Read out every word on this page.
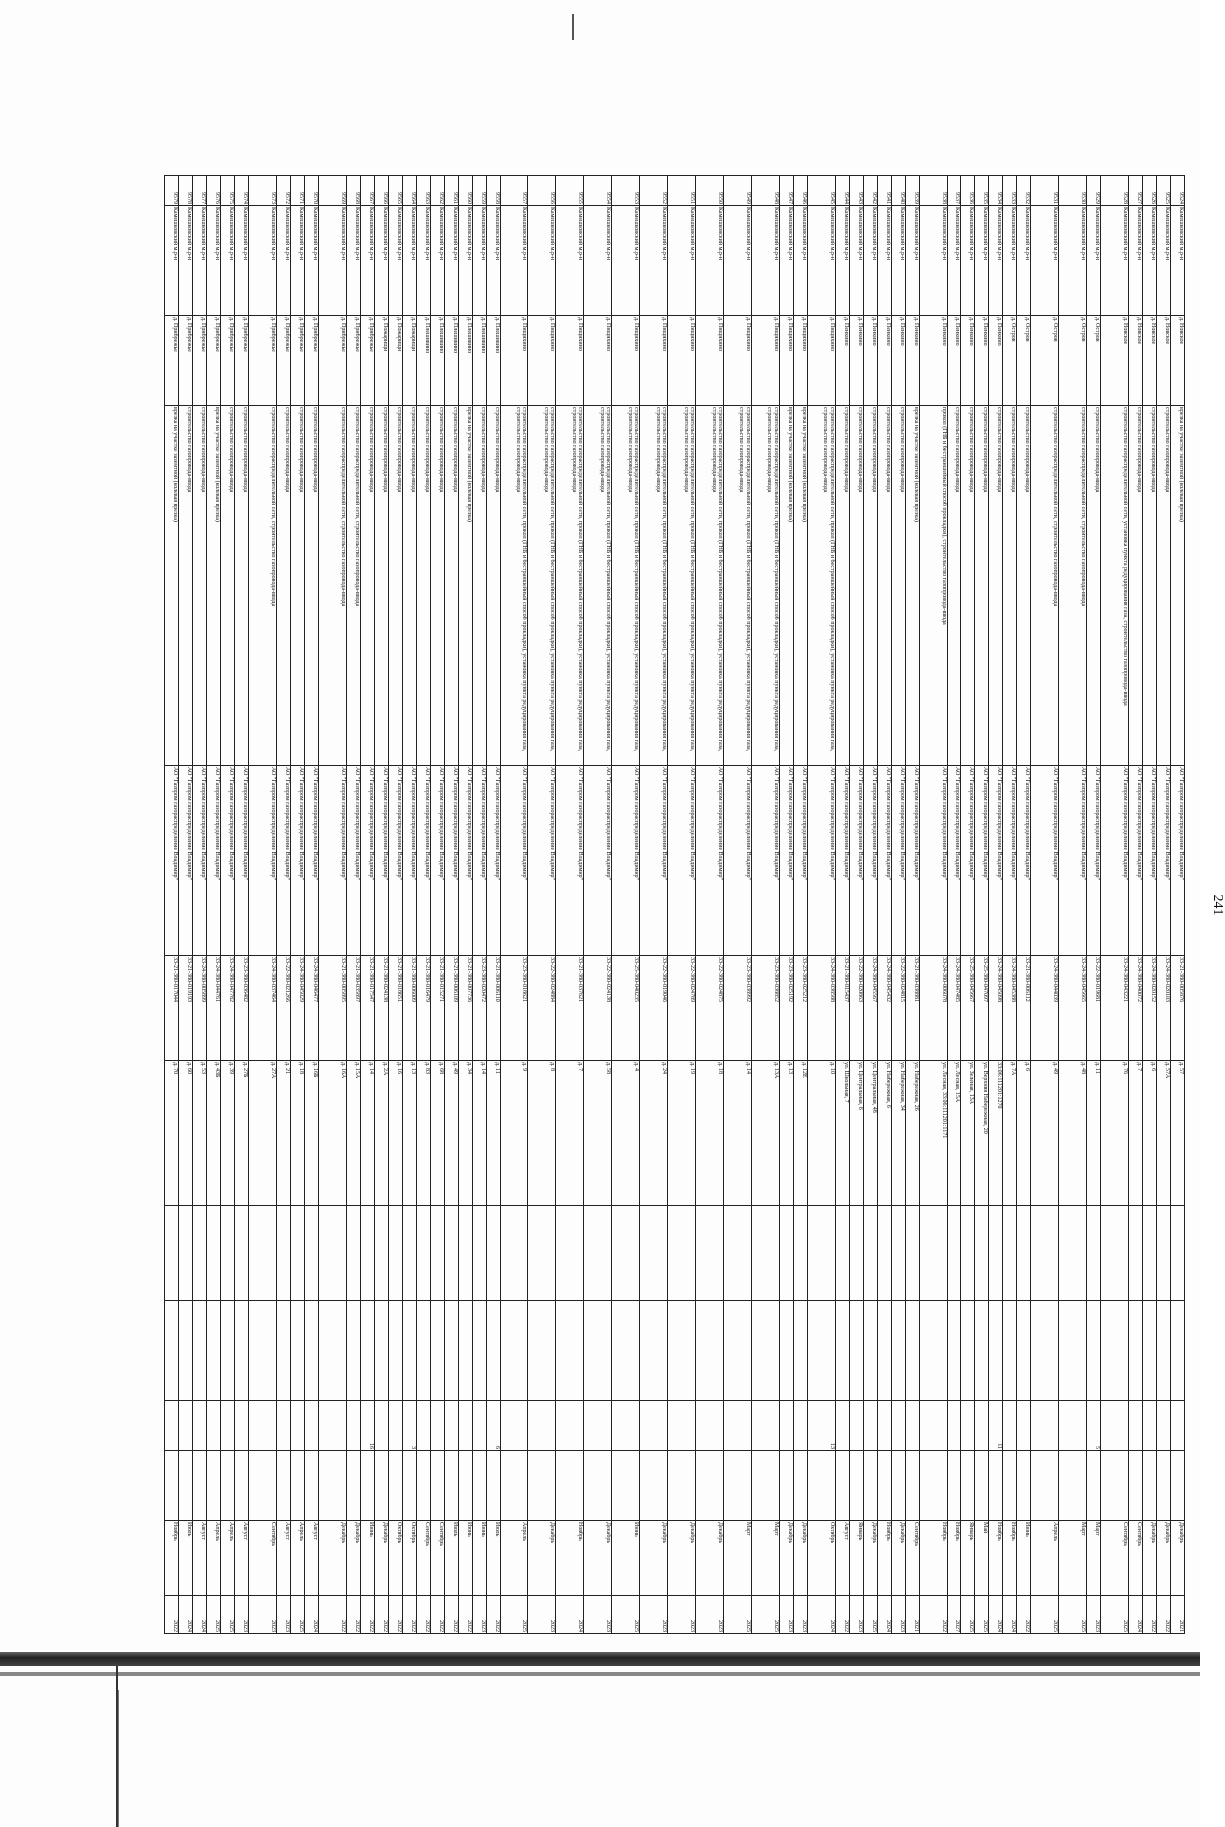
241
9524	Камешковский м.р-н	д. Новское	врезка на участке заземтной (колевая врезка)	АО "Газпром газораспределение Владимир"	33-21-380-005876	д. 57					Декабрь	2021
9525	Камешковский м.р-н	д. Новское	строительство газопровода-ввода	АО "Газпром газораспределение Владимир"	33-24-380-020103	д. 57А					Декабрь	2022
9526	Камешковский м.р-н	д. Новское	строительство газопровода-ввода	АО "Газпром газораспределение Владимир"	33-24-380-020152	д. 6					Декабрь	2022
9527	Камешковский м.р-н	д. Новское	строительство газопровода-ввода	АО "Газпром газораспределение Владимир"	33-24-380-040072	д. 7					Сентябрь	2024
9528	Камешковский м.р-н	д. Новское	строительство газораспределительной сети, установка пункта редуцирования газа, строительство газопровода-ввода	АО "Газпром газораспределение Владимир"	33-24-380-043221	д. 76					Сентябрь	2025
9529	Камешковский м.р-н	д. Остров	строительство газопровода-ввода	АО "Газпром газораспределение Владимир"	33-22-380-019681	д. 11			5		Март	2023
9530	Камешковский м.р-н	д. Остров	строительство газораспределительной сети, строительство газопровода-ввода	АО "Газпром газораспределение Владимир"	33-24-380-045665	д. 48					Март	2025
9531	Камешковский м.р-н	д. Остров	строительство газораспределительной сети, строительство газопровода-ввода	АО "Газпром газораспределение Владимир"	33-24-380-044039	д. 49					Апрель	2025
9532	Камешковский м.р-н	д. Остров	строительство газопровода-ввода	АО "Газпром газораспределение Владимир"	33-21-380-006112	д. 6					Июнь	2022
9533	Камешковский м.р-н	д. Остров	строительство газопровода-ввода	АО "Газпром газораспределение Владимир"	33-24-380-045388	д. 7А					Ноябрь	2024
9534	Камешковский м.р-н	д. Пенкино	строительство газопровода-ввода	АО "Газпром газораспределение Владимир"	33-24-380-045098	33:06:111201:1270			11		Ноябрь	2024
9535	Камешковский м.р-н	д. Пенкино	строительство газопровода-ввода	АО "Газпром газораспределение Владимир"	33-25-380-047097	ул. Верхняя Набережная, 20					Май	2025
9536	Камешковский м.р-н	д. Пенкино	строительство газопровода-ввода	АО "Газпром газораспределение Владимир"	33-25-380-045667	ул. Зеленая, 13А					Январь	2025
9537	Камешковский м.р-н	д. Пенкино	строительство газопровода-ввода	АО "Газпром газораспределение Владимир"	33-24-380-047485	ул. Лесная, 15А					Ноябрь	2027
9538	Камешковский м.р-н	д. Пенкино	прокол (ГНБ и бестраншейный способ прокладки), строительство газопровода-ввода	АО "Газпром газораспределение Владимир"	33-24-380-006078	ул. Лесная, 33:06:111201:1171					Ноябрь	2022
9539	Камешковский м.р-н	д. Пенкино	врезка на участке заземтной (колевая врезка)	АО "Газпром газораспределение Владимир"	33-21-380-038881	ул. Набережная, 26					Сентябрь	2021
9540	Камешковский м.р-н	д. Пенкино	строительство газопровода-ввода	АО "Газпром газораспределение Владимир"	33-22-380-024815	ул. Набережная, 34					Декабрь	2023
9541	Камешковский м.р-н	д. Пенкино	строительство газопровода-ввода	АО "Газпром газораспределение Владимир"	33-24-380-045432	ул. Набережная, 6					Ноябрь	2024
9542	Камешковский м.р-н	д. Пенкино	строительство газопровода-ввода	АО "Газпром газораспределение Владимир"	33-24-380-045567	ул. Центральная, 48					Декабрь	2025
9543	Камешковский м.р-н	д. Пенкино	строительство газопровода-ввода	АО "Газпром газораспределение Владимир"	33-22-380-020863	ул. Центральная, 6					Январь	2023
9544	Камешковский м.р-н	д. Пенкино	строительство газопровода-ввода	АО "Газпром газораспределение Владимир"	33-21-380-015437	ул. Школьная, 7					Август	2022
9545	Камешковский м.р-н	д. Пищихино	строительство газораспределительной сети, прокол (ГНБ и бестраншейный способ прокладки), установка пункта редуцирования газа, строительство газопровода-ввода	АО "Газпром газораспределение Владимир"	33-24-380-038588	д. 10			13		Октябрь	2024
9546	Камешковский м.р-н	д. Пищихино	врезка на участке заземтной (колевая врезка)	АО "Газпром газораспределение Владимир"	33-23-380-025212	д. 12Е					Декабрь	2023
9547	Камешковский м.р-н	д. Пищихино	врезка на участке заземтной (колевая врезка)	АО "Газпром газораспределение Владимир"	33-23-380-025192	д. 13					Декабрь	2023
9548	Камешковский м.р-н	д. Пищихино	строительство газораспределительной сети, прокол (ГНБ и бестраншейный способ прокладки), установка пункта редуцирования газа, строительство газопровода-ввода	АО "Газпром газораспределение Владимир"	33-23-380-038852	д. 13А					Март	2025
9549	Камешковский м.р-н	д. Пищихино	строительство газораспределительной сети, прокол (ГНБ и бестраншейный способ прокладки), установка пункта редуцирования газа, строительство газопровода-ввода	АО "Газпром газораспределение Владимир"	33-23-380-038992	д. 14					Март	2025
9550	Камешковский м.р-н	д. Пищихино	строительство газораспределительной сети, прокол (ГНБ и бестраншейный способ прокладки), установка пункта редуцирования газа, строительство газопровода-ввода	АО "Газпром газораспределение Владимир"	33-22-380-024875	д. 18					Декабрь	2023
9551	Камешковский м.р-н	д. Пищихино	строительство газораспределительной сети, прокол (ГНБ и бестраншейный способ прокладки), установка пункта редуцирования газа, строительство газопровода-ввода	АО "Газпром газораспределение Владимир"	33-22-380-024789	д. 19					Декабрь	2023
9552	Камешковский м.р-н	д. Пищихино	строительство газораспределительной сети, прокол (ГНБ и бестраншейный способ прокладки), установка пункта редуцирования газа, строительство газопровода-ввода	АО "Газпром газораспределение Владимир"	33-22-380-019046	д. 24					Декабрь	2023
9553	Камешковский м.р-н	д. Пищихино	строительство газораспределительной сети, прокол (ГНБ и бестраншейный способ прокладки), установка пункта редуцирования газа, строительство газопровода-ввода	АО "Газпром газораспределение Владимир"	33-25-380-040235	д. 4					Июнь	2025
9554	Камешковский м.р-н	д. Пищихино	строительство газораспределительной сети, прокол (ГНБ и бестраншейный способ прокладки), установка пункта редуцирования газа, строительство газопровода-ввода	АО "Газпром газораспределение Владимир"	33-22-380-024138	д. 58					Декабрь	2023
9555	Камешковский м.р-н	д. Пищихино	строительство газораспределительной сети, прокол (ГНБ и бестраншейный способ прокладки), установка пункта редуцирования газа, строительство газопровода-ввода	АО "Газпром газораспределение Владимир"	33-21-380-037621	д. 7					Ноябрь	2024
9556	Камешковский м.р-н	д. Пищихино	строительство газораспределительной сети, прокол (ГНБ и бестраншейный способ прокладки), установка пункта редуцирования газа, строительство газопровода-ввода	АО "Газпром газораспределение Владимир"	33-22-380-024884	д. 8					Декабрь	2023
9557	Камешковский м.р-н	д. Пищихино	строительство газораспределительной сети, прокол (ГНБ и бестраншейный способ прокладки), установка пункта редуцирования газа, строительство газопровода-ввода	АО "Газпром газораспределение Владимир"	33-23-380-018621	д. 9					Апрель	2025
9558	Камешковский м.р-н	д. Плешивино	строительство газопровода-ввода	АО "Газпром газораспределение Владимир"	33-21-380-006110	д. 11			6		Июль	2022
9559	Камешковский м.р-н	д. Плешивино	строительство газопровода-ввода	АО "Газпром газораспределение Владимир"	33-23-380-020472	д. 14					Июнь	2023
9560	Камешковский м.р-н	д. Плешивино	врезка на участке заземтной (колевая врезка)	АО "Газпром газораспределение Владимир"	33-21-380-007736	д. 34					Июнь	2022
9561	Камешковский м.р-н	д. Плешивино	строительство газопровода-ввода	АО "Газпром газораспределение Владимир"	33-21-380-006109	д. 49					Июль	2022
9562	Камешковский м.р-н	д. Плешивино	строительство газопровода-ввода	АО "Газпром газораспределение Владимир"	33-21-380-015271	д. 68					Сентябрь	2022
9563	Камешковский м.р-н	д. Плешивино	строительство газопровода-ввода	АО "Газпром газораспределение Владимир"	33-21-380-016479	д. 83					Сентябрь	2022
9564	Камешковский м.р-н	д. Пожарищи	строительство газопровода-ввода	АО "Газпром газораспределение Владимир"	33-21-380-006009	д. 13			3		Октябрь	2022
9565	Камешковский м.р-н	д. Пожарищи	строительство газопровода-ввода	АО "Газпром газораспределение Владимир"	33-21-380-018651	д. 16					Октябрь	2022
9566	Камешковский м.р-н	д. Пожарищи	строительство газопровода-ввода	АО "Газпром газораспределение Владимир"	33-21-380-024138	д. 2А					Декабрь	2022
9567	Камешковский м.р-н	д. Прибрежье	строительство газопровода-ввода	АО "Газпром газораспределение Владимир"	33-21-380-017547	д. 14			16		Июнь	2022
9568	Камешковский м.р-н	д. Прибрежье	строительство газораспределительной сети, строительство газопровода-ввода	АО "Газпром газораспределение Владимир"	33-21-380-035897	д. 15А					Декабрь	2022
9569	Камешковский м.р-н	д. Прибрежье	строительство газораспределительной сети, строительство газопровода-ввода	АО "Газпром газораспределение Владимир"	33-21-380-005895	д. 16А					Декабрь	2022
9570	Камешковский м.р-н	д. Прибрежье	строительство газопровода-ввода	АО "Газпром газораспределение Владимир"	33-24-380-046477	д. 16Б					Август	2024
9571	Камешковский м.р-н	д. Прибрежье	строительство газопровода-ввода	АО "Газпром газораспределение Владимир"	33-24-380-045029	д. 18					Апрель	2025
9572	Камешковский м.р-н	д. Прибрежье	строительство газопровода-ввода	АО "Газпром газораспределение Владимир"	33-22-380-021266	д. 21					Август	2023
9573	Камешковский м.р-н	д. Прибрежье	строительство газораспределительной сети, строительство газопровода-ввода	АО "Газпром газораспределение Владимир"	33-24-380-037464	д. 27А					Сентябрь	2023
9574	Камешковский м.р-н	д. Прибрежье	строительство газопровода-ввода	АО "Газпром газораспределение Владимир"	33-23-380-036482	д. 27Б					Август	2023
9575	Камешковский м.р-н	д. Прибрежье	строительство газопровода-ввода	АО "Газпром газораспределение Владимир"	33-24-380-047782	д. 39					Апрель	2025
9576	Камешковский м.р-н	д. Прибрежье	врезка на участке заземтной (колевая врезка)	АО "Газпром газораспределение Владимир"	33-24-380-044761	д. 43Б					Апрель	2025
9577	Камешковский м.р-н	д. Прибрежье	строительство газопровода-ввода	АО "Газпром газораспределение Владимир"	33-24-380-005899	д. 53					Август	2024
9578	Камешковский м.р-н	д. Прибрежье	строительство газопровода-ввода	АО "Газпром газораспределение Владимир"	33-21-380-019193	д. 60					Июль	2024
9579	Камешковский м.р-н	д. Прибрежье	врезка на участке заземтной (колевая врезка)	АО "Газпром газораспределение Владимир"	33-21-380-017044	д. 70					Ноябрь	2022
